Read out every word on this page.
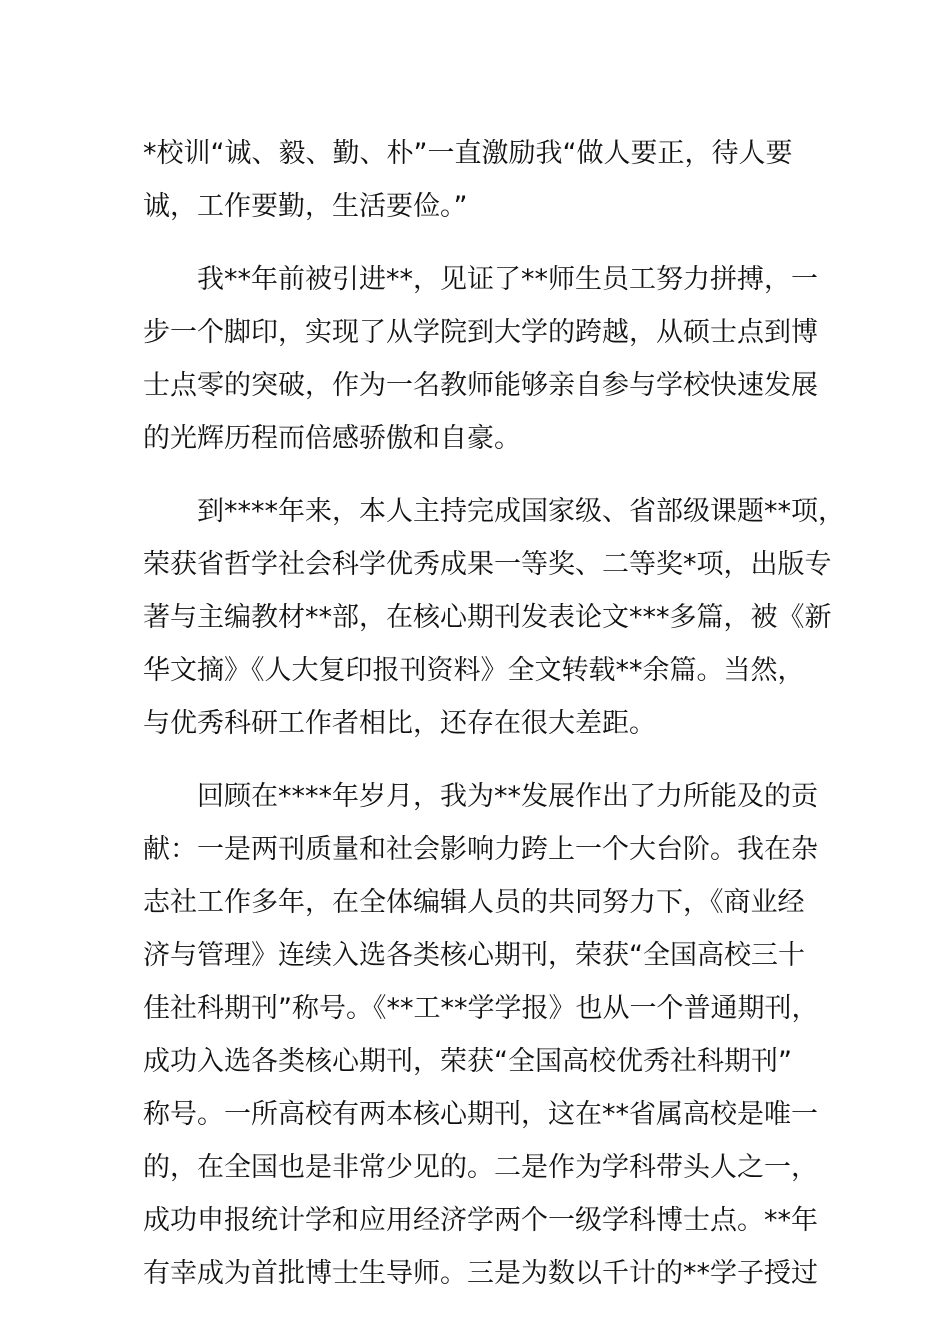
*校训“诚、毅、勤、朴”一直激励我“做人要正，待人要
诚，工作要勤，生活要俭。”

我**年前被引进**，见证了**师生员工努力拼搏，一
步一个脚印，实现了从学院到大学的跨越，从硕士点到博
士点零的突破，作为一名教师能够亲自参与学校快速发展
的光辉历程而倍感骄傲和自豪。

到****年来，本人主持完成国家级、省部级课题**项，
荣获省哲学社会科学优秀成果一等奖、二等奖*项，出版专
著与主编教材**部，在核心期刊发表论文***多篇，被《新
华文摘》《人大复印报刊资料》全文转载**余篇。当然，
与优秀科研工作者相比，还存在很大差距。

回顾在****年岁月，我为**发展作出了力所能及的贡
献：一是两刊质量和社会影响力跨上一个大台阶。我在杂
志社工作多年，在全体编辑人员的共同努力下，《商业经
济与管理》连续入选各类核心期刊，荣获“全国高校三十
佳社科期刊”称号。《**工**学学报》也从一个普通期刊，
成功入选各类核心期刊，荣获“全国高校优秀社科期刊”
称号。一所高校有两本核心期刊，这在**省属高校是唯一
的，在全国也是非常少见的。二是作为学科带头人之一，
成功申报统计学和应用经济学两个一级学科博士点。**年
有幸成为首批博士生导师。三是为数以千计的**学子授过
